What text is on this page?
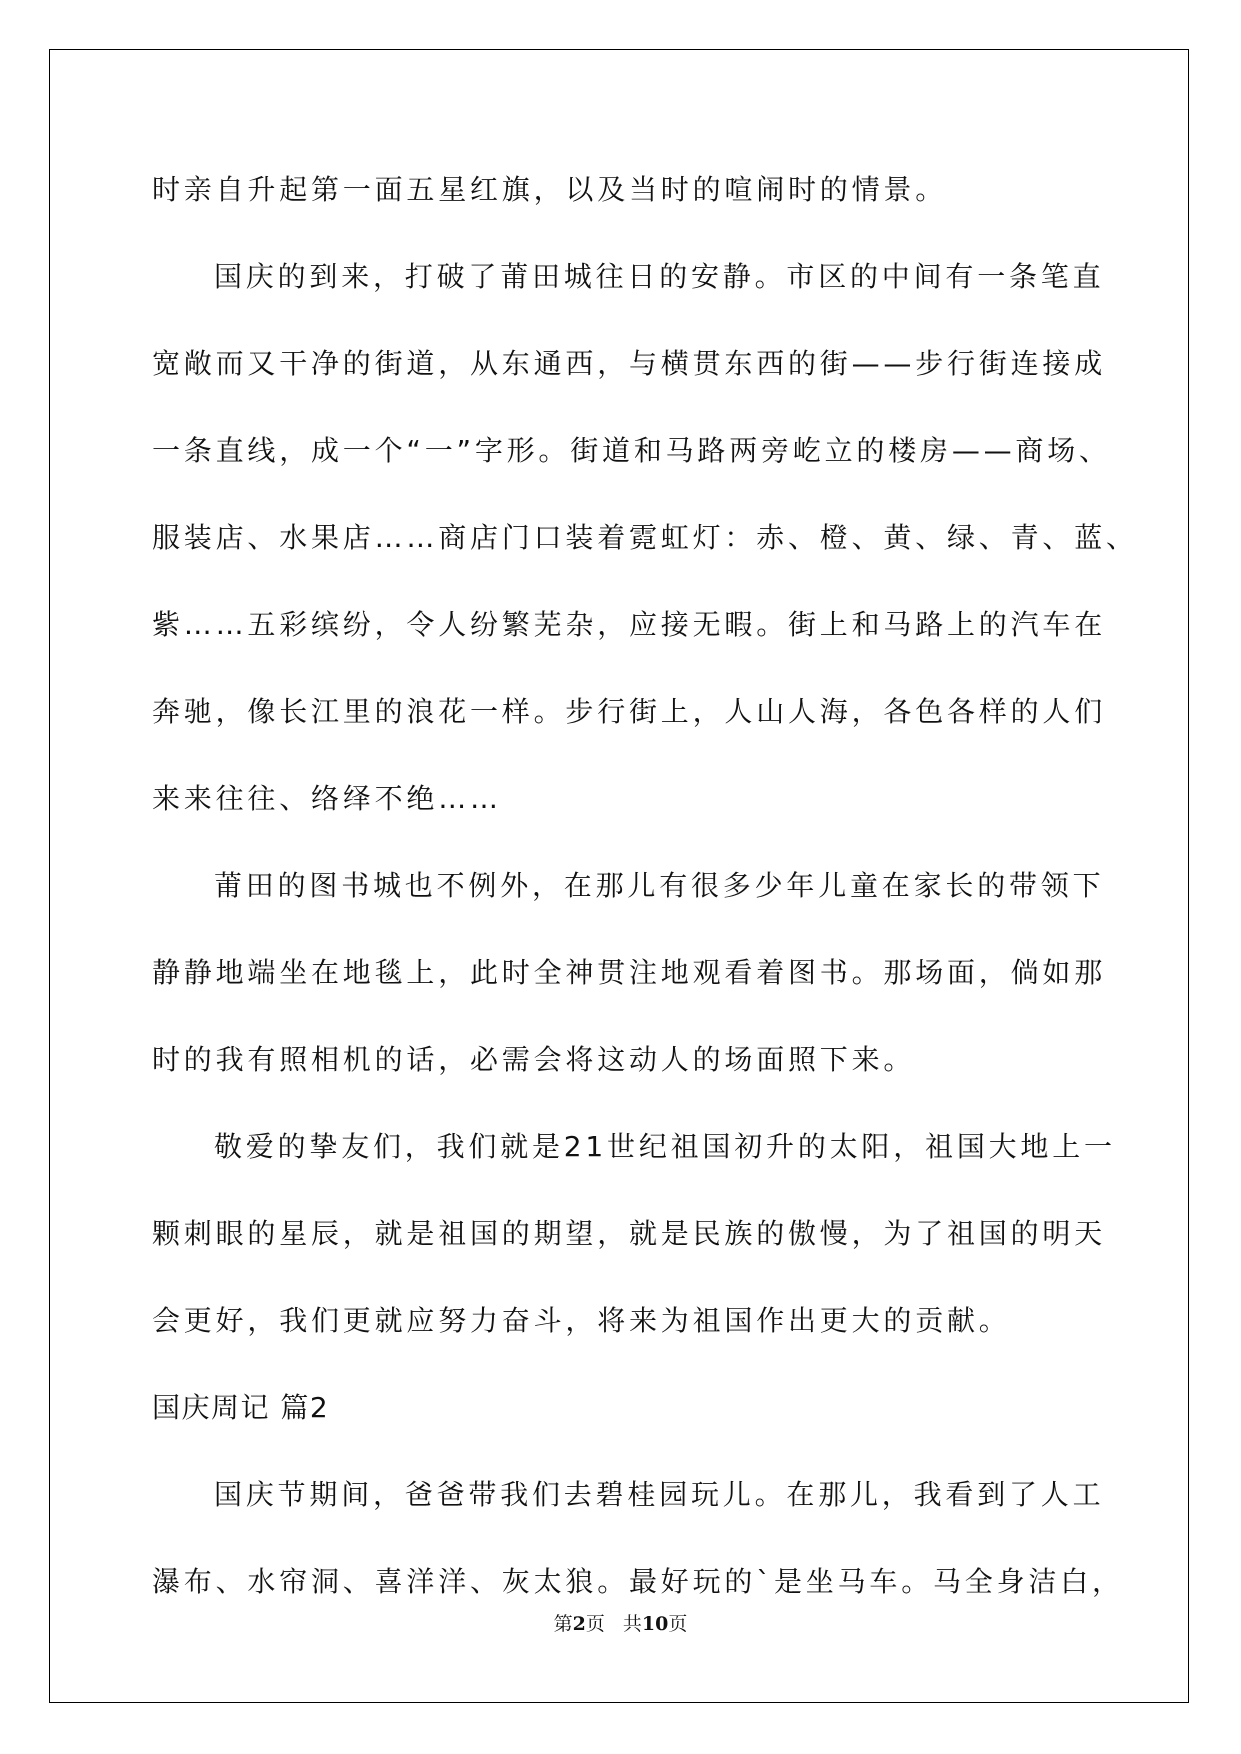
时亲自升起第一面五星红旗，以及当时的喧闹时的情景。
国庆的到来，打破了莆田城往日的安静。市区的中间有一条笔直
宽敞而又干净的街道，从东通西，与横贯东西的街——步行街连接成
一条直线，成一个“一”字形。街道和马路两旁屹立的楼房——商场、
服装店、水果店……商店门口装着霓虹灯：赤、橙、黄、绿、青、蓝、
紫……五彩缤纷，令人纷繁芜杂，应接无暇。街上和马路上的汽车在
奔驰，像长江里的浪花一样。步行街上，人山人海，各色各样的人们
来来往往、络绎不绝……
莆田的图书城也不例外，在那儿有很多少年儿童在家长的带领下
静静地端坐在地毯上，此时全神贯注地观看着图书。那场面，倘如那
时的我有照相机的话，必需会将这动人的场面照下来。
敬爱的挚友们，我们就是21世纪祖国初升的太阳，祖国大地上一
颗刺眼的星辰，就是祖国的期望，就是民族的傲慢，为了祖国的明天
会更好，我们更就应努力奋斗，将来为祖国作出更大的贡献。
国庆周记 篇2
国庆节期间，爸爸带我们去碧桂园玩儿。在那儿，我看到了人工
瀑布、水帘洞、喜洋洋、灰太狼。最好玩的`是坐马车。马全身洁白，
第2页 共10页
